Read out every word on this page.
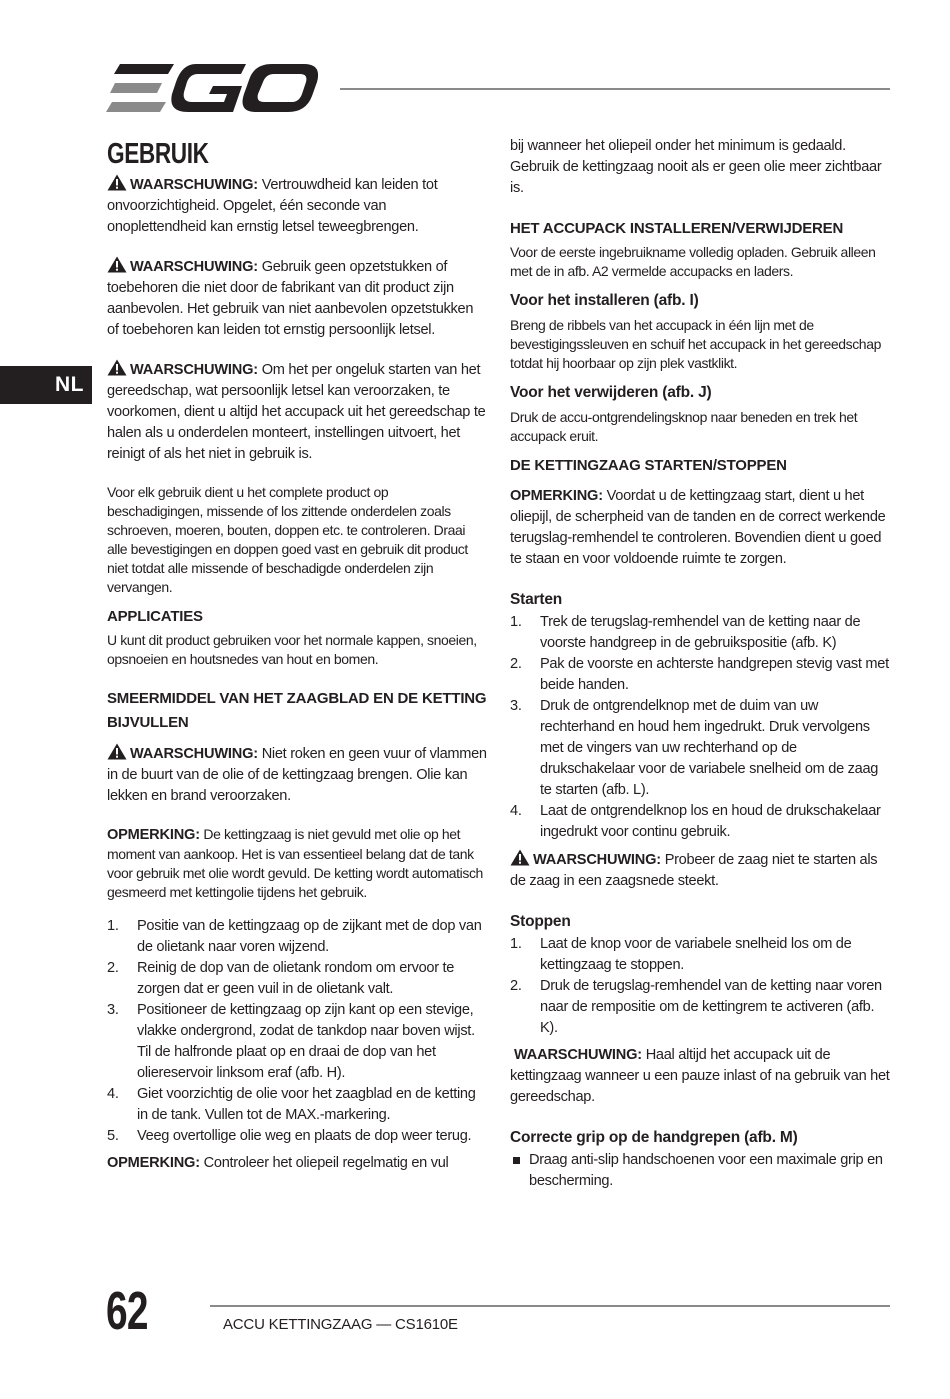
NL
GEBRUIK

WAARSCHUWING: Vertrouwdheid kan leiden tot onvoorzichtigheid. Opgelet, één seconde van onoplettendheid kan ernstig letsel teweegbrengen.

WAARSCHUWING: Gebruik geen opzetstukken of toebehoren die niet door de fabrikant van dit product zijn aanbevolen. Het gebruik van niet aanbevolen opzetstukken of toebehoren kan leiden tot ernstig persoonlijk letsel.

WAARSCHUWING: Om het per ongeluk starten van het gereedschap, wat persoonlijk letsel kan veroorzaken, te voorkomen, dient u altijd het accupack uit het gereedschap te halen als u onderdelen monteert, instellingen uitvoert, het reinigt of als het niet in gebruik is.

Voor elk gebruik dient u het complete product op beschadigingen, missende of los zittende onderdelen zoals schroeven, moeren, bouten, doppen etc. te controleren. Draai alle bevestigingen en doppen goed vast en gebruik dit product niet totdat alle missende of beschadigde onderdelen zijn vervangen.

APPLICATIES

U kunt dit product gebruiken voor het normale kappen, snoeien, opsnoeien en houtsnedes van hout en bomen.

SMEERMIDDEL VAN HET ZAAGBLAD EN DE KETTING BIJVULLEN

WAARSCHUWING: Niet roken en geen vuur of vlammen in de buurt van de olie of de kettingzaag brengen. Olie kan lekken en brand veroorzaken.

OPMERKING: De kettingzaag is niet gevuld met olie op het moment van aankoop. Het is van essentieel belang dat de tank voor gebruik met olie wordt gevuld. De ketting wordt automatisch gesmeerd met kettingolie tijdens het gebruik.

1. Positie van de kettingzaag op de zijkant met de dop van de olietank naar voren wijzend.
2. Reinig de dop van de olietank rondom om ervoor te zorgen dat er geen vuil in de olietank valt.
3. Positioneer de kettingzaag op zijn kant op een stevige, vlakke ondergrond, zodat de tankdop naar boven wijst. Til de halfronde plaat op en draai de dop van het oliereservoir linksom eraf (afb. H).
4. Giet voorzichtig de olie voor het zaagblad en de ketting in de tank. Vullen tot de MAX.-markering.
5. Veeg overtollige olie weg en plaats de dop weer terug.

OPMERKING: Controleer het oliepeil regelmatig en vul

bij wanneer het oliepeil onder het minimum is gedaald. Gebruik de kettingzaag nooit als er geen olie meer zichtbaar is.

HET ACCUPACK INSTALLEREN/VERWIJDEREN

Voor de eerste ingebruikname volledig opladen. Gebruik alleen met de in afb. A2 vermelde accupacks en laders.

Voor het installeren (afb. I)

Breng de ribbels van het accupack in één lijn met de bevestigingssleuven en schuif het accupack in het gereedschap totdat hij hoorbaar op zijn plek vastklikt.

Voor het verwijderen (afb. J)

Druk de accu-ontgrendelingsknop naar beneden en trek het accupack eruit.

DE KETTINGZAAG STARTEN/STOPPEN

OPMERKING: Voordat u de kettingzaag start, dient u het oliepijl, de scherpheid van de tanden en de correct werkende terugslag-remhendel te controleren. Bovendien dient u goed te staan en voor voldoende ruimte te zorgen.

Starten
1. Trek de terugslag-remhendel van de ketting naar de voorste handgreep in de gebruikspositie (afb. K)
2. Pak de voorste en achterste handgrepen stevig vast met beide handen.
3. Druk de ontgrendelknop met de duim van uw rechterhand en houd hem ingedrukt. Druk vervolgens met de vingers van uw rechterhand op de drukschakelaar voor de variabele snelheid om de zaag te starten (afb. L).
4. Laat de ontgrendelknop los en houd de drukschakelaar ingedrukt voor continu gebruik.

WAARSCHUWING: Probeer de zaag niet te starten als de zaag in een zaagsnede steekt.

Stoppen
1. Laat de knop voor de variabele snelheid los om de kettingzaag te stoppen.
2. Druk de terugslag-remhendel van de ketting naar voren naar de rempositie om de kettingrem te activeren (afb. K).

WAARSCHUWING: Haal altijd het accupack uit de kettingzaag wanneer u een pauze inlast of na gebruik van het gereedschap.

Correcte grip op de handgrepen (afb. M)
Draag anti-slip handschoenen voor een maximale grip en bescherming.
62	ACCU KETTINGZAAG — CS1610E
